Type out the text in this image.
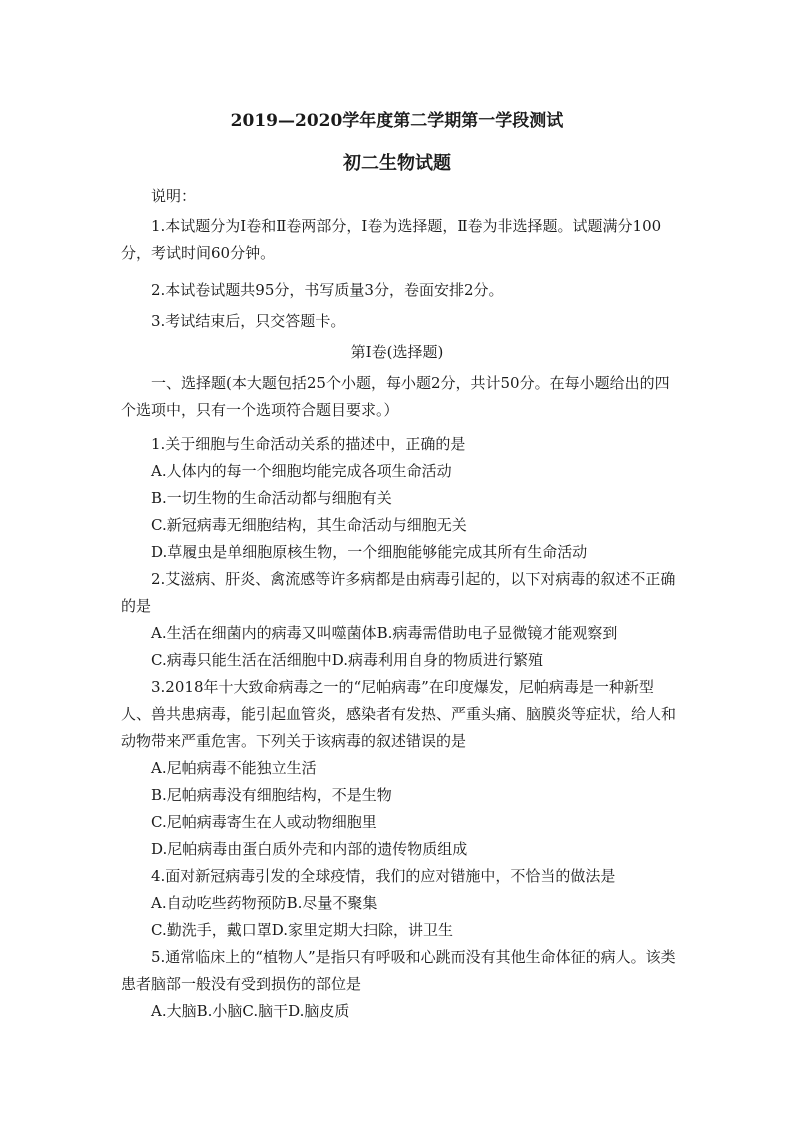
2019—2020学年度第二学期第一学段测试
初二生物试题

说明：

1.本试题分为Ⅰ卷和Ⅱ卷两部分，Ⅰ卷为选择题，Ⅱ卷为非选择题。试题满分100分，考试时间60分钟。

2.本试卷试题共95分，书写质量3分，卷面安排2分。

3.考试结束后，只交答题卡。

第Ⅰ卷(选择题)

一、选择题(本大题包括25个小题，每小题2分，共计50分。在每小题给出的四个选项中，只有一个选项符合题目要求。）

1.关于细胞与生命活动关系的描述中，正确的是

A.人体内的每一个细胞均能完成各项生命活动

B.一切生物的生命活动都与细胞有关

C.新冠病毒无细胞结构，其生命活动与细胞无关

D.草履虫是单细胞原核生物，一个细胞能够能完成其所有生命活动

2.艾滋病、肝炎、禽流感等许多病都是由病毒引起的，以下对病毒的叙述不正确的是

A.生活在细菌内的病毒又叫噬菌体B.病毒需借助电子显微镜才能观察到

C.病毒只能生活在活细胞中D.病毒利用自身的物质进行繁殖

3.2018年十大致命病毒之一的“尼帕病毒”在印度爆发，尼帕病毒是一种新型人、兽共患病毒，能引起血管炎，感染者有发热、严重头痛、脑膜炎等症状，给人和动物带来严重危害。下列关于该病毒的叙述错误的是

A.尼帕病毒不能独立生活

B.尼帕病毒没有细胞结构，不是生物

C.尼帕病毒寄生在人或动物细胞里

D.尼帕病毒由蛋白质外壳和内部的遗传物质组成

4.面对新冠病毒引发的全球疫情，我们的应对错施中，不恰当的做法是

A.自动吃些药物预防B.尽量不聚集

C.勤洗手，戴口罩D.家里定期大扫除，讲卫生

5.通常临床上的“植物人”是指只有呼吸和心跳而没有其他生命体征的病人。该类患者脑部一般没有受到损伤的部位是

A.大脑B.小脑C.脑干D.脑皮质
